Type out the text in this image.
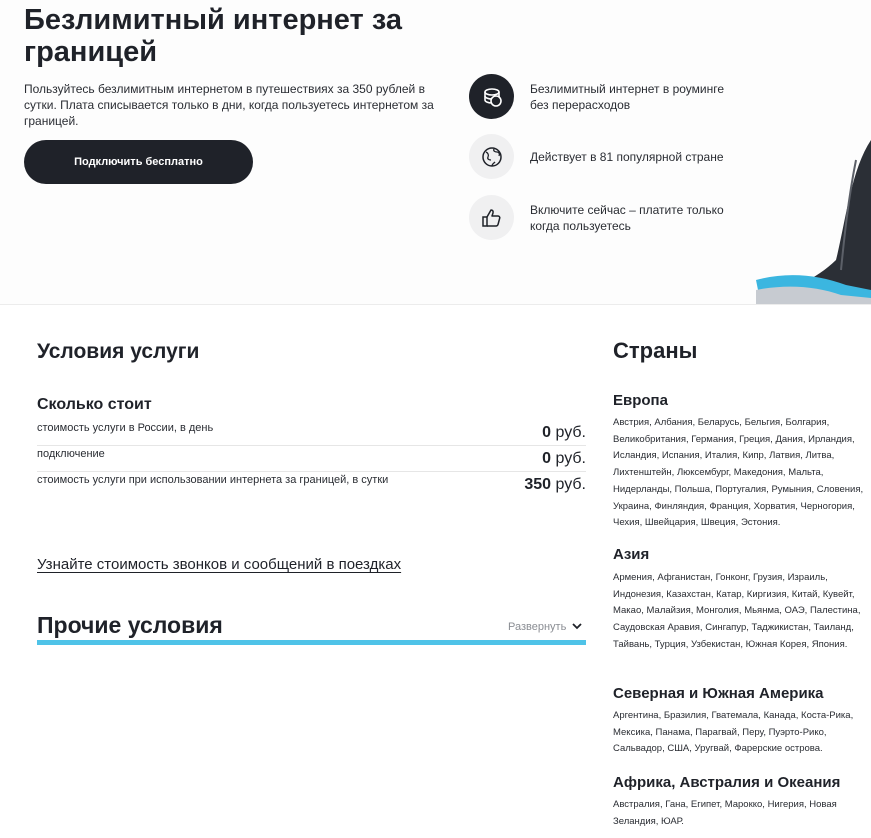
Безлимитный интернет за границей

Пользуйтесь безлимитным интернетом в путешествиях за 350 рублей в сутки. Плата списывается только в дни, когда пользуетесь интернетом за границей.

Подключить бесплатно
Безлимитный интернет в роуминге без перерасходов
Действует в 81 популярной стране
Включите сейчас – платите только когда пользуетесь
Условия услуги
Сколько стоит
стоимость услуги в России, в день	0 руб.
подключение	0 руб.
стоимость услуги при использовании интернета за границей, в сутки	350 руб.
Узнайте стоимость звонков и сообщений в поездках
Прочие условия	Развернуть
Страны
Европа

Австрия, Албания, Беларусь, Бельгия, Болгария, Великобритания, Германия, Греция, Дания, Ирландия, Исландия, Испания, Италия, Кипр, Латвия, Литва, Лихтенштейн, Люксембург, Македония, Мальта, Нидерланды, Польша, Португалия, Румыния, Словения, Украина, Финляндия, Франция, Хорватия, Черногория, Чехия, Швейцария, Швеция, Эстония.

Азия

Армения, Афганистан, Гонконг, Грузия, Израиль, Индонезия, Казахстан, Катар, Киргизия, Китай, Кувейт, Макао, Малайзия, Монголия, Мьянма, ОАЭ, Палестина, Саудовская Аравия, Сингапур, Таджикистан, Таиланд, Тайвань, Турция, Узбекистан, Южная Корея, Япония.

Северная и Южная Америка

Аргентина, Бразилия, Гватемала, Канада, Коста-Рика, Мексика, Панама, Парагвай, Перу, Пуэрто-Рико, Сальвадор, США, Уругвай, Фарерские острова.

Африка, Австралия и Океания

Австралия, Гана, Египет, Марокко, Нигерия, Новая Зеландия, ЮАР.
